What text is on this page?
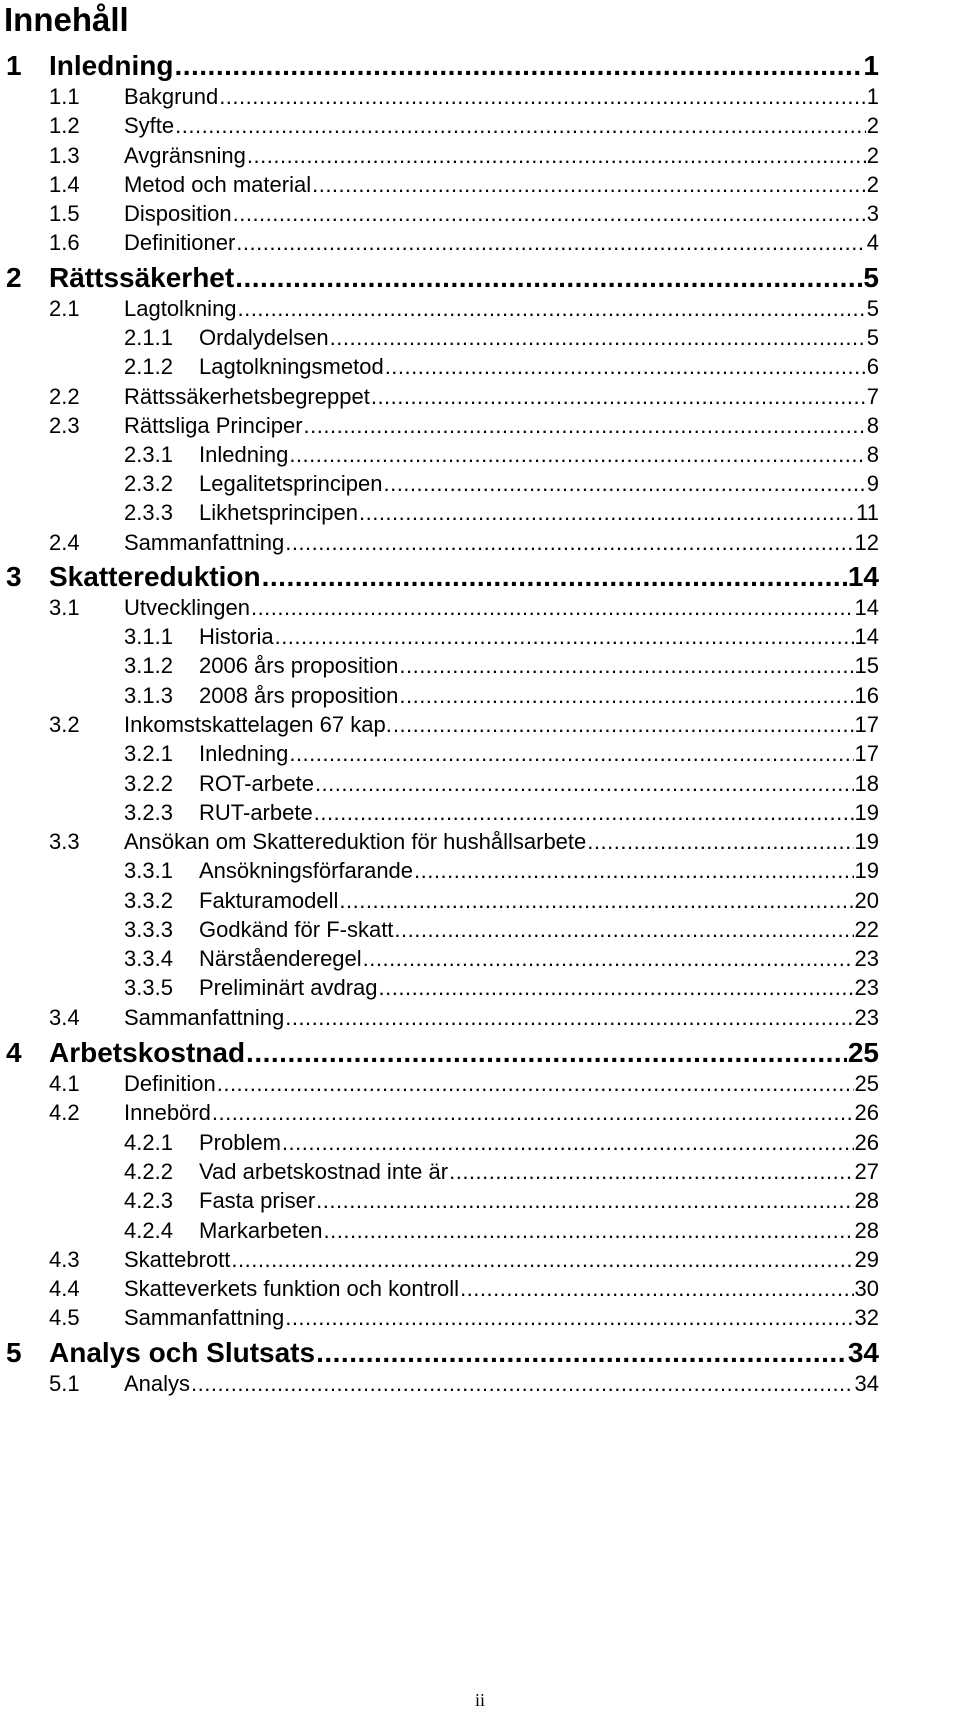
Innehåll
1 Inledning .....	1
1.1	Bakgrund .....	1
1.2	Syfte .....	2
1.3	Avgränsning .....	2
1.4	Metod och material .....	2
1.5	Disposition .....	3
1.6	Definitioner .....	4
2 Rättssäkerhet .....	5
2.1	Lagtolkning .....	5
2.1.1	Ordalydelsen .....	5
2.1.2	Lagtolkningsmetod .....	6
2.2	Rättssäkerhetsbegreppet .....	7
2.3	Rättsliga Principer .....	8
2.3.1	Inledning .....	8
2.3.2	Legalitetsprincipen .....	9
2.3.3	Likhetsprincipen .....	11
2.4	Sammanfattning .....	12
3 Skattereduktion .....	14
3.1	Utvecklingen .....	14
3.1.1	Historia .....	14
3.1.2	2006 års proposition .....	15
3.1.3	2008 års proposition .....	16
3.2	Inkomstskattelagen 67 kap. .....	17
3.2.1	Inledning .....	17
3.2.2	ROT-arbete .....	18
3.2.3	RUT-arbete .....	19
3.3	Ansökan om Skattereduktion för hushållsarbete .....	19
3.3.1	Ansökningsförfarande .....	19
3.3.2	Fakturamodell .....	20
3.3.3	Godkänd för F-skatt .....	22
3.3.4	Närståenderegel .....	23
3.3.5	Preliminärt avdrag .....	23
3.4	Sammanfattning .....	23
4 Arbetskostnad .....	25
4.1	Definition .....	25
4.2	Innebörd .....	26
4.2.1	Problem .....	26
4.2.2	Vad arbetskostnad inte är .....	27
4.2.3	Fasta priser .....	28
4.2.4	Markarbeten .....	28
4.3	Skattebrott .....	29
4.4	Skatteverkets funktion och kontroll .....	30
4.5	Sammanfattning .....	32
5 Analys och Slutsats .....	34
5.1	Analys .....	34
ii
